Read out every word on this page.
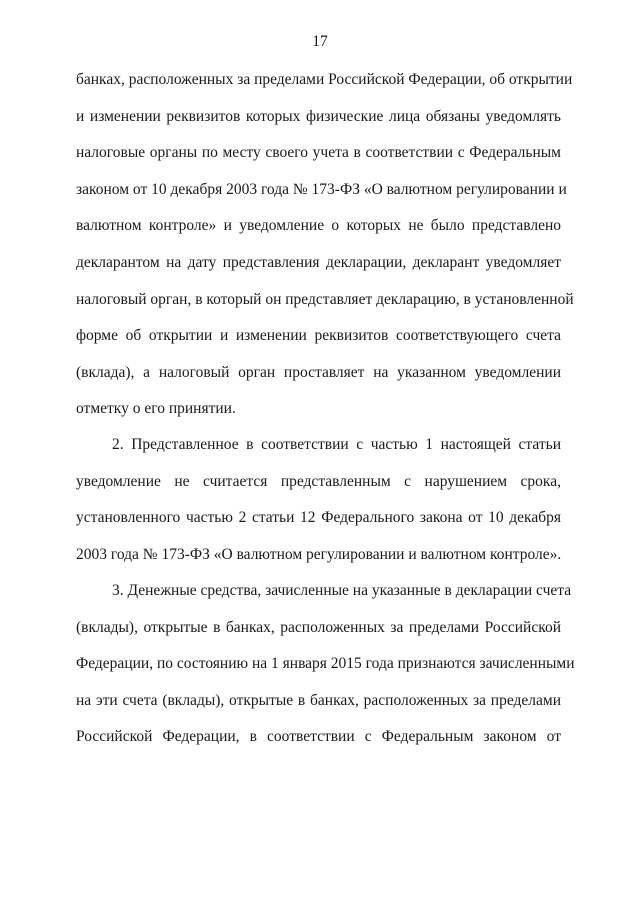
17
банках, расположенных за пределами Российской Федерации, об открытии
и изменении реквизитов которых физические лица обязаны уведомлять
налоговые органы по месту своего учета в соответствии с Федеральным
законом от 10 декабря 2003 года № 173-ФЗ «О валютном регулировании и
валютном контроле» и уведомление о которых не было представлено
декларантом на дату представления декларации, декларант уведомляет
налоговый орган, в который он представляет декларацию, в установленной
форме об открытии и изменении реквизитов соответствующего счета
(вклада), а налоговый орган проставляет на указанном уведомлении
отметку о его принятии.
2. Представленное в соответствии с частью 1 настоящей статьи
уведомление не считается представленным с нарушением срока,
установленного частью 2 статьи 12 Федерального закона от 10 декабря
2003 года № 173-ФЗ «О валютном регулировании и валютном контроле».
3. Денежные средства, зачисленные на указанные в декларации счета
(вклады), открытые в банках, расположенных за пределами Российской
Федерации, по состоянию на 1 января 2015 года признаются зачисленными
на эти счета (вклады), открытые в банках, расположенных за пределами
Российской Федерации, в соответствии с Федеральным законом от
